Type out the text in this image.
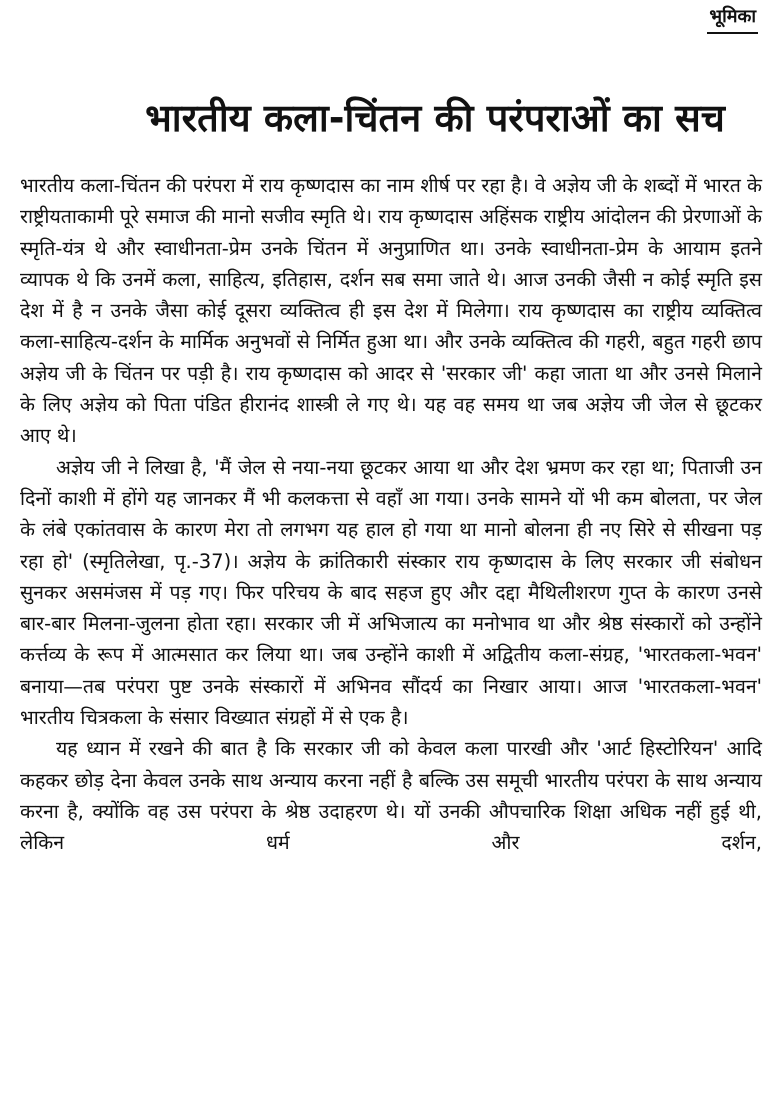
भूमिका
भारतीय कला-चिंतन की परंपराओं का सच

भारतीय कला-चिंतन की परंपरा में राय कृष्णदास का नाम शीर्ष पर रहा है। वे अज्ञेय जी के शब्दों में भारत के राष्ट्रीयताकामी पूरे समाज की मानो सजीव स्मृति थे। राय कृष्णदास अहिंसक राष्ट्रीय आंदोलन की प्रेरणाओं के स्मृति-यंत्र थे और स्वाधीनता-प्रेम उनके चिंतन में अनुप्राणित था। उनके स्वाधीनता-प्रेम के आयाम इतने व्यापक थे कि उनमें कला, साहित्य, इतिहास, दर्शन सब समा जाते थे। आज उनकी जैसी न कोई स्मृति इस देश में है न उनके जैसा कोई दूसरा व्यक्तित्व ही इस देश में मिलेगा। राय कृष्णदास का राष्ट्रीय व्यक्तित्व कला-साहित्य-दर्शन के मार्मिक अनुभवों से निर्मित हुआ था। और उनके व्यक्तित्व की गहरी, बहुत गहरी छाप अज्ञेय जी के चिंतन पर पड़ी है। राय कृष्णदास को आदर से 'सरकार जी' कहा जाता था और उनसे मिलाने के लिए अज्ञेय को पिता पंडित हीरानंद शास्त्री ले गए थे। यह वह समय था जब अज्ञेय जी जेल से छूटकर आए थे।

अज्ञेय जी ने लिखा है, 'मैं जेल से नया-नया छूटकर आया था और देश भ्रमण कर रहा था; पिताजी उन दिनों काशी में होंगे यह जानकर मैं भी कलकत्ता से वहाँ आ गया। उनके सामने यों भी कम बोलता, पर जेल के लंबे एकांतवास के कारण मेरा तो लगभग यह हाल हो गया था मानो बोलना ही नए सिरे से सीखना पड़ रहा हो' (स्मृतिलेखा, पृ.-37)। अज्ञेय के क्रांतिकारी संस्कार राय कृष्णदास के लिए सरकार जी संबोधन सुनकर असमंजस में पड़ गए। फिर परिचय के बाद सहज हुए और दद्दा मैथिलीशरण गुप्त के कारण उनसे बार-बार मिलना-जुलना होता रहा। सरकार जी में अभिजात्य का मनोभाव था और श्रेष्ठ संस्कारों को उन्होंने कर्त्तव्य के रूप में आत्मसात कर लिया था। जब उन्होंने काशी में अद्वितीय कला-संग्रह, 'भारतकला-भवन' बनाया—तब परंपरा पुष्ट उनके संस्कारों में अभिनव सौंदर्य का निखार आया। आज 'भारतकला-भवन' भारतीय चित्रकला के संसार विख्यात संग्रहों में से एक है।

यह ध्यान में रखने की बात है कि सरकार जी को केवल कला पारखी और 'आर्ट हिस्टोरियन' आदि कहकर छोड़ देना केवल उनके साथ अन्याय करना नहीं है बल्कि उस समूची भारतीय परंपरा के साथ अन्याय करना है, क्योंकि वह उस परंपरा के श्रेष्ठ उदाहरण थे। यों उनकी औपचारिक शिक्षा अधिक नहीं हुई थी, लेकिन धर्म और दर्शन,
